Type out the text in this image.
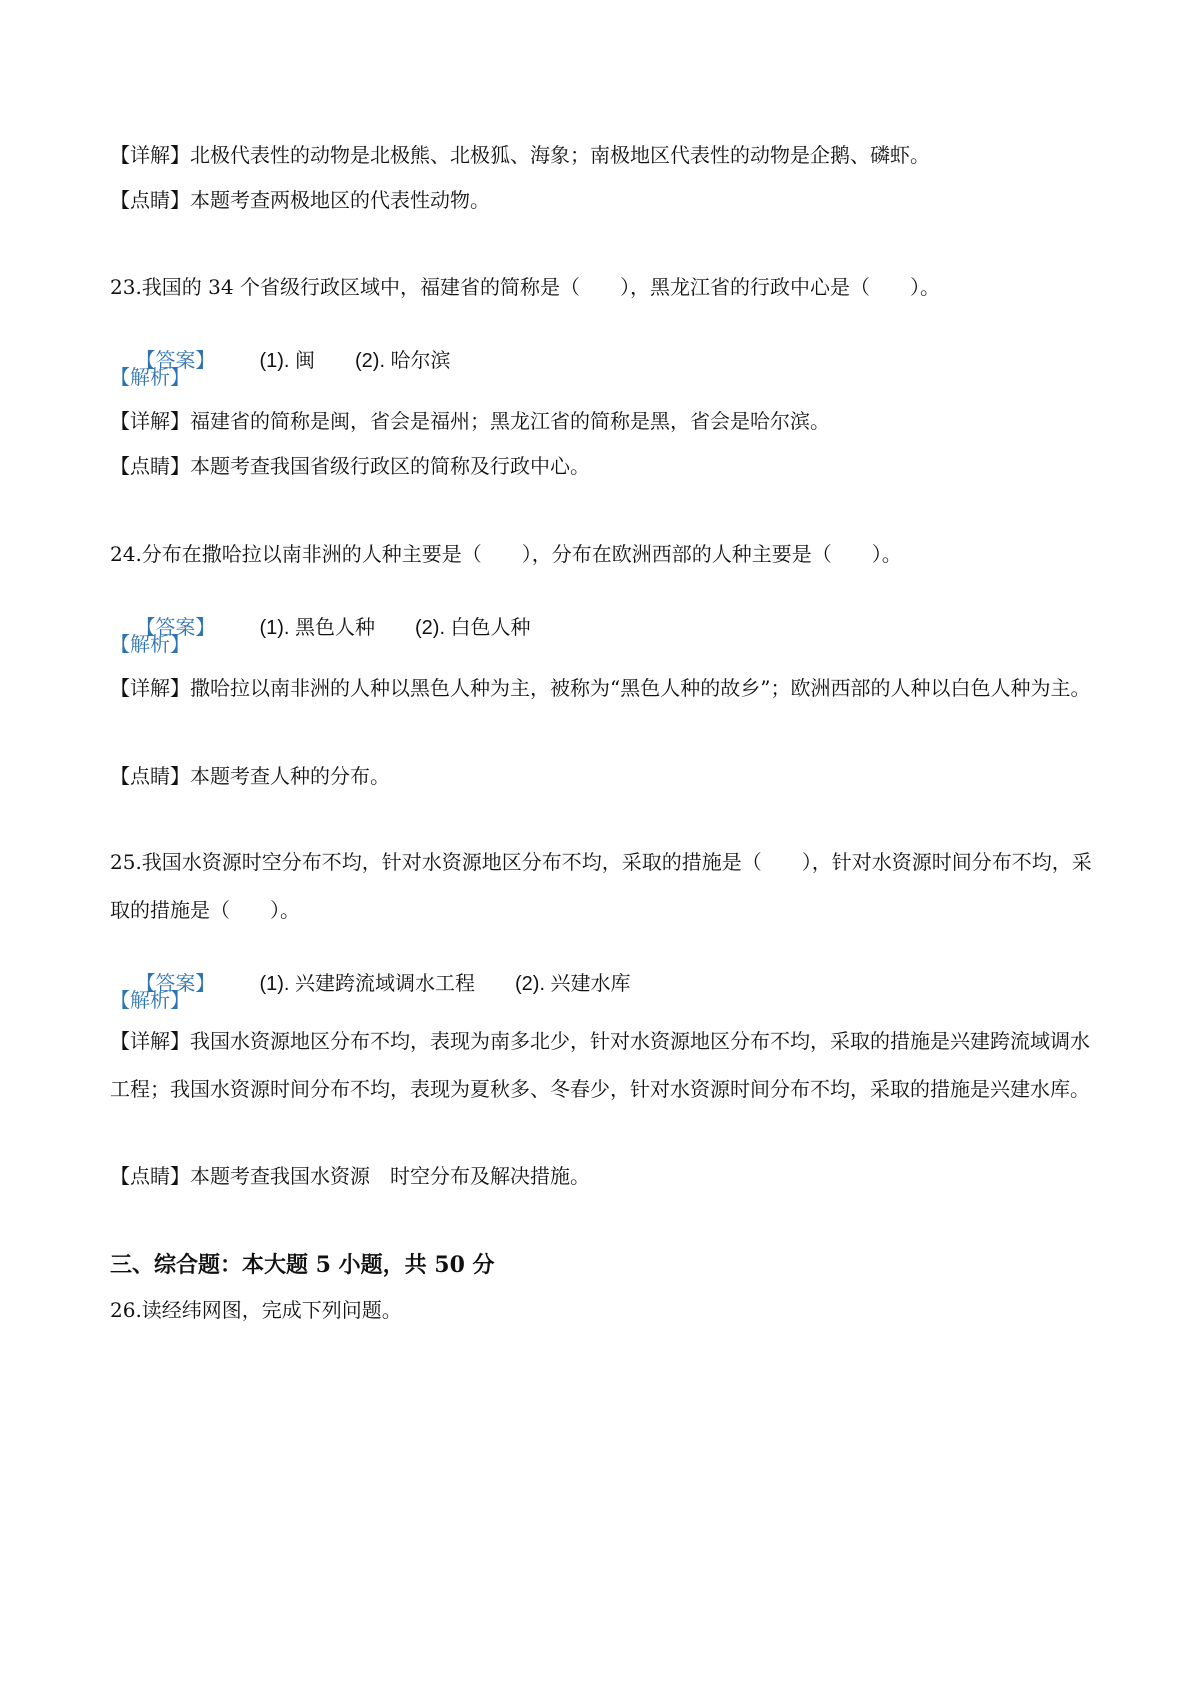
【详解】北极代表性的动物是北极熊、北极狐、海象；南极地区代表性的动物是企鹅、磷虾。
【点睛】本题考查两极地区的代表性动物。
23.我国的 34 个省级行政区域中，福建省的简称是（　　），黑龙江省的行政中心是（　　）。

【答案】 (1). 闽 (2). 哈尔滨

【解析】
【详解】福建省的简称是闽，省会是福州；黑龙江省的简称是黑，省会是哈尔滨。
【点睛】本题考查我国省级行政区的简称及行政中心。
24.分布在撒哈拉以南非洲的人种主要是（　　），分布在欧洲西部的人种主要是（　　）。

【答案】 (1). 黑色人种 (2). 白色人种

【解析】
【详解】撒哈拉以南非洲的人种以黑色人种为主，被称为“黑色人种的故乡”；欧洲西部的人种以白色人种为主。
【点睛】本题考查人种的分布。
25.我国水资源时空分布不均，针对水资源地区分布不均，采取的措施是（　　），针对水资源时间分布不均，采取的措施是（　　）。

【答案】 (1). 兴建跨流域调水工程 (2). 兴建水库

【解析】
【详解】我国水资源地区分布不均，表现为南多北少，针对水资源地区分布不均，采取的措施是兴建跨流域调水工程；我国水资源时间分布不均，表现为夏秋多、冬春少，针对水资源时间分布不均，采取的措施是兴建水库。
【点睛】本题考查我国水资源　时空分布及解决措施。
三、综合题：本大题 5 小题，共 50 分
26.读经纬网图，完成下列问题。
